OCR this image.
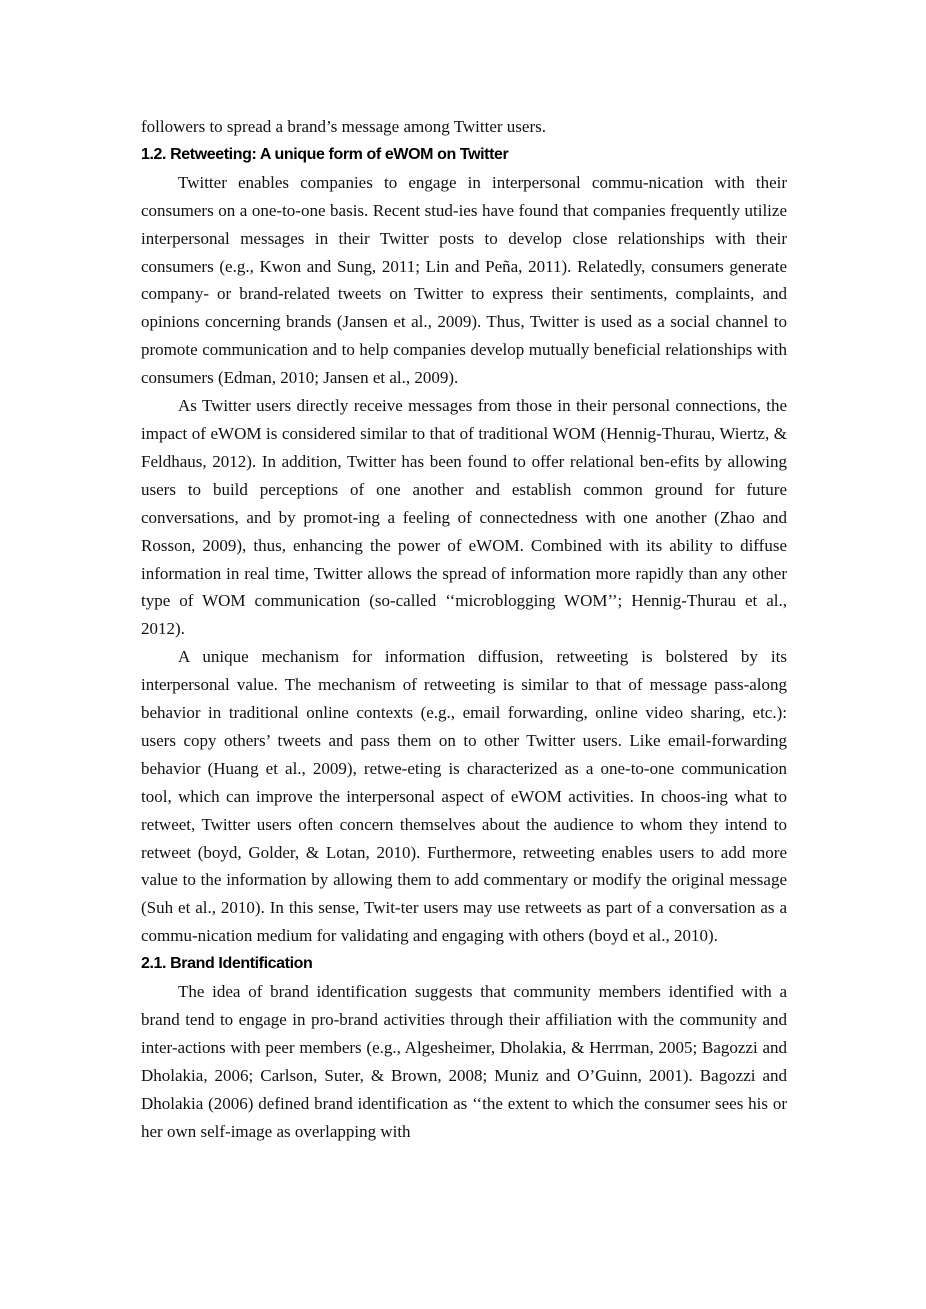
followers to spread a brand’s message among Twitter users.

1.2. Retweeting: A unique form of eWOM on Twitter

Twitter enables companies to engage in interpersonal commu-nication with their consumers on a one-to-one basis. Recent stud-ies have found that companies frequently utilize interpersonal messages in their Twitter posts to develop close relationships with their consumers (e.g., Kwon and Sung, 2011; Lin and Peña, 2011). Relatedly, consumers generate company- or brand-related tweets on Twitter to express their sentiments, complaints, and opinions concerning brands (Jansen et al., 2009). Thus, Twitter is used as a social channel to promote communication and to help companies develop mutually beneficial relationships with consumers (Edman, 2010; Jansen et al., 2009).

As Twitter users directly receive messages from those in their personal connections, the impact of eWOM is considered similar to that of traditional WOM (Hennig-Thurau, Wiertz, & Feldhaus, 2012). In addition, Twitter has been found to offer relational ben-efits by allowing users to build perceptions of one another and establish common ground for future conversations, and by promot-ing a feeling of connectedness with one another (Zhao and Rosson, 2009), thus, enhancing the power of eWOM. Combined with its ability to diffuse information in real time, Twitter allows the spread of information more rapidly than any other type of WOM communication (so-called ‘‘microblogging WOM’’; Hennig-Thurau et al., 2012).

A unique mechanism for information diffusion, retweeting is bolstered by its interpersonal value. The mechanism of retweeting is similar to that of message pass-along behavior in traditional online contexts (e.g., email forwarding, online video sharing, etc.): users copy others’ tweets and pass them on to other Twitter users. Like email-forwarding behavior (Huang et al., 2009), retwe-eting is characterized as a one-to-one communication tool, which can improve the interpersonal aspect of eWOM activities. In choos-ing what to retweet, Twitter users often concern themselves about the audience to whom they intend to retweet (boyd, Golder, & Lotan, 2010). Furthermore, retweeting enables users to add more value to the information by allowing them to add commentary or modify the original message (Suh et al., 2010). In this sense, Twit-ter users may use retweets as part of a conversation as a commu-nication medium for validating and engaging with others (boyd et al., 2010).

2.1. Brand Identification

The idea of brand identification suggests that community members identified with a brand tend to engage in pro-brand activities through their affiliation with the community and inter-actions with peer members (e.g., Algesheimer, Dholakia, & Herrman, 2005; Bagozzi and Dholakia, 2006; Carlson, Suter, & Brown, 2008; Muniz and O’Guinn, 2001). Bagozzi and Dholakia (2006) defined brand identification as ‘‘the extent to which the consumer sees his or her own self-image as overlapping with
